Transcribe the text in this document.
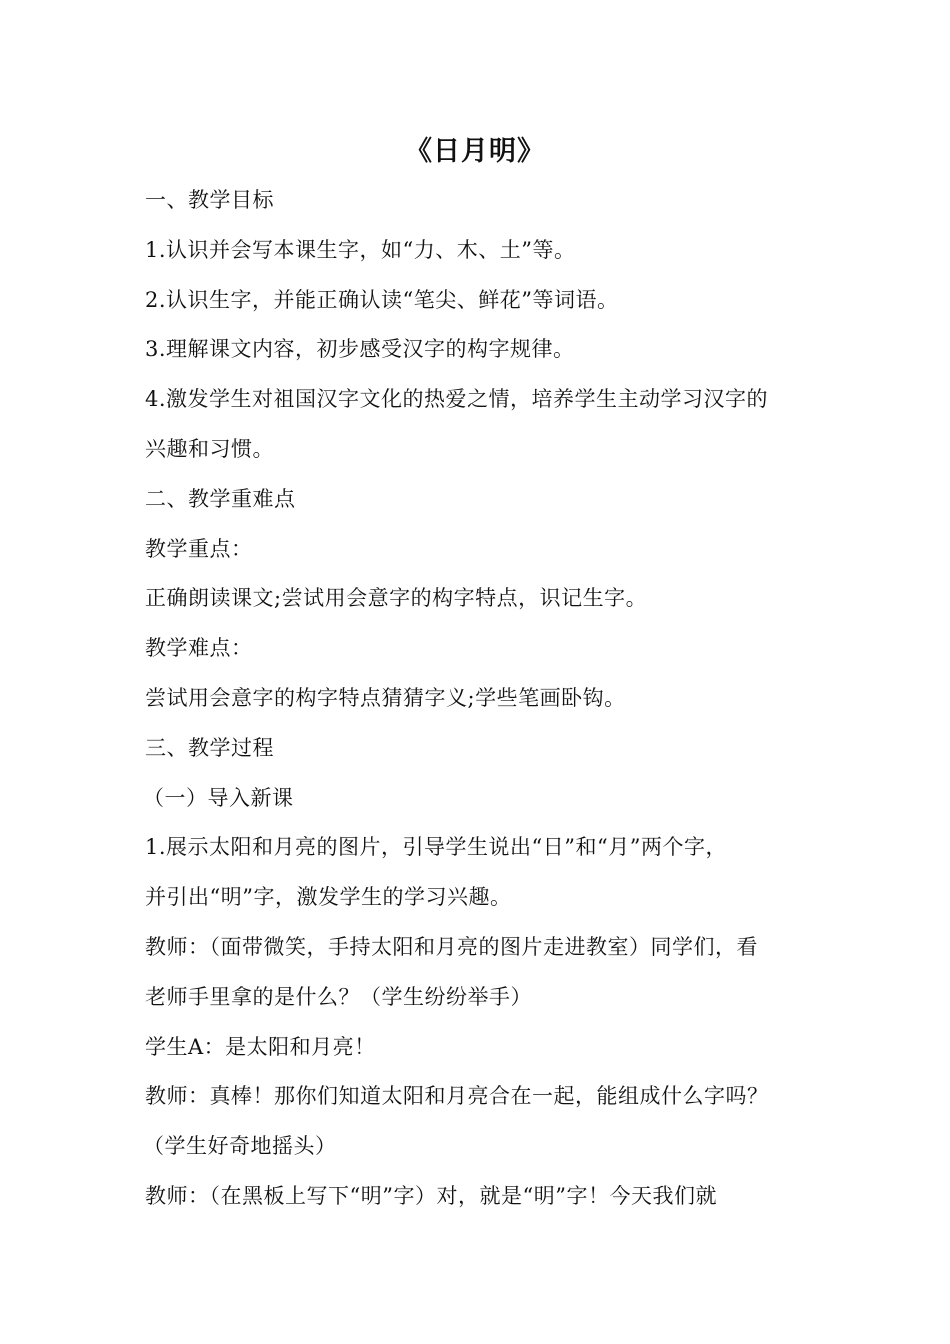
《日月明》
一、教学目标
1.认识并会写本课生字，如“力、木、土”等。
2.认识生字，并能正确认读“笔尖、鲜花”等词语。
3.理解课文内容，初步感受汉字的构字规律。
4.激发学生对祖国汉字文化的热爱之情，培养学生主动学习汉字的
兴趣和习惯。
二、教学重难点
教学重点：
正确朗读课文;尝试用会意字的构字特点，识记生字。
教学难点：
尝试用会意字的构字特点猜猜字义;学些笔画卧钩。
三、教学过程
（一）导入新课
1.展示太阳和月亮的图片，引导学生说出“日”和“月”两个字，
并引出“明”字，激发学生的学习兴趣。
教师：（面带微笑，手持太阳和月亮的图片走进教室）同学们，看
老师手里拿的是什么？（学生纷纷举手）
学生A：是太阳和月亮！
教师：真棒！那你们知道太阳和月亮合在一起，能组成什么字吗？
（学生好奇地摇头）
教师：（在黑板上写下“明”字）对，就是“明”字！今天我们就
